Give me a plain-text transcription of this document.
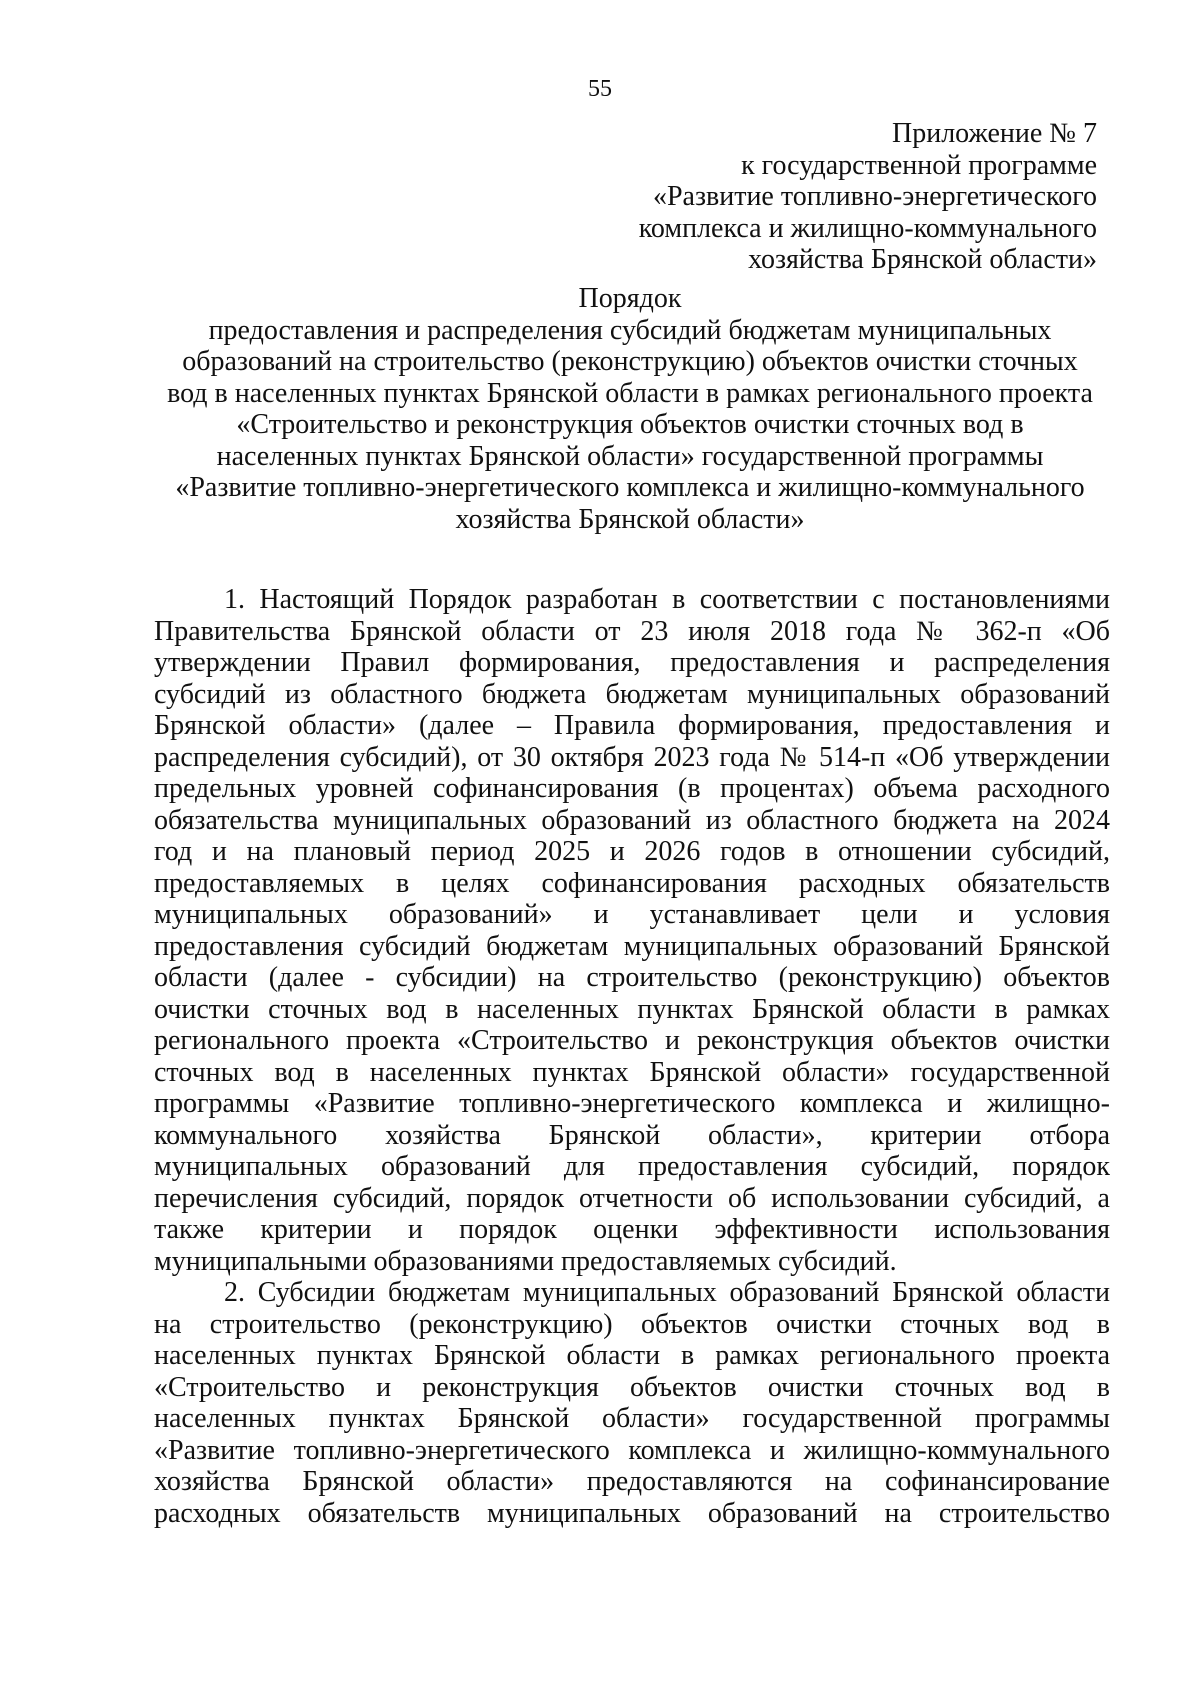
55
Приложение № 7
к государственной программе
«Развитие топливно-энергетического
комплекса и жилищно-коммунального
хозяйства Брянской области»
Порядок
предоставления и распределения субсидий бюджетам муниципальных
образований на строительство (реконструкцию) объектов очистки сточных
вод в населенных пунктах Брянской области в рамках регионального проекта
«Строительство и реконструкция объектов очистки сточных вод в
населенных пунктах Брянской области» государственной программы
«Развитие топливно-энергетического комплекса и жилищно-коммунального
хозяйства Брянской области»
1. Настоящий Порядок разработан в соответствии с постановлениями
Правительства Брянской области от 23 июля 2018 года № 362-п «Об
утверждении Правил формирования, предоставления и распределения
субсидий из областного бюджета бюджетам муниципальных образований
Брянской области» (далее – Правила формирования, предоставления и
распределения субсидий), от 30 октября 2023 года № 514-п «Об утверждении
предельных уровней софинансирования (в процентах) объема расходного
обязательства муниципальных образований из областного бюджета на 2024
год и на плановый период 2025 и 2026 годов в отношении субсидий,
предоставляемых в целях софинансирования расходных обязательств
муниципальных образований» и устанавливает цели и условия
предоставления субсидий бюджетам муниципальных образований Брянской
области (далее - субсидии) на строительство (реконструкцию) объектов
очистки сточных вод в населенных пунктах Брянской области в рамках
регионального проекта «Строительство и реконструкция объектов очистки
сточных вод в населенных пунктах Брянской области» государственной
программы «Развитие топливно-энергетического комплекса и жилищно-
коммунального хозяйства Брянской области», критерии отбора
муниципальных образований для предоставления субсидий, порядок
перечисления субсидий, порядок отчетности об использовании субсидий, а
также критерии и порядок оценки эффективности использования
муниципальными образованиями предоставляемых субсидий.
2. Субсидии бюджетам муниципальных образований Брянской области
на строительство (реконструкцию) объектов очистки сточных вод в
населенных пунктах Брянской области в рамках регионального проекта
«Строительство и реконструкция объектов очистки сточных вод в
населенных пунктах Брянской области» государственной программы
«Развитие топливно-энергетического комплекса и жилищно-коммунального
хозяйства Брянской области» предоставляются на софинансирование
расходных обязательств муниципальных образований на строительство
